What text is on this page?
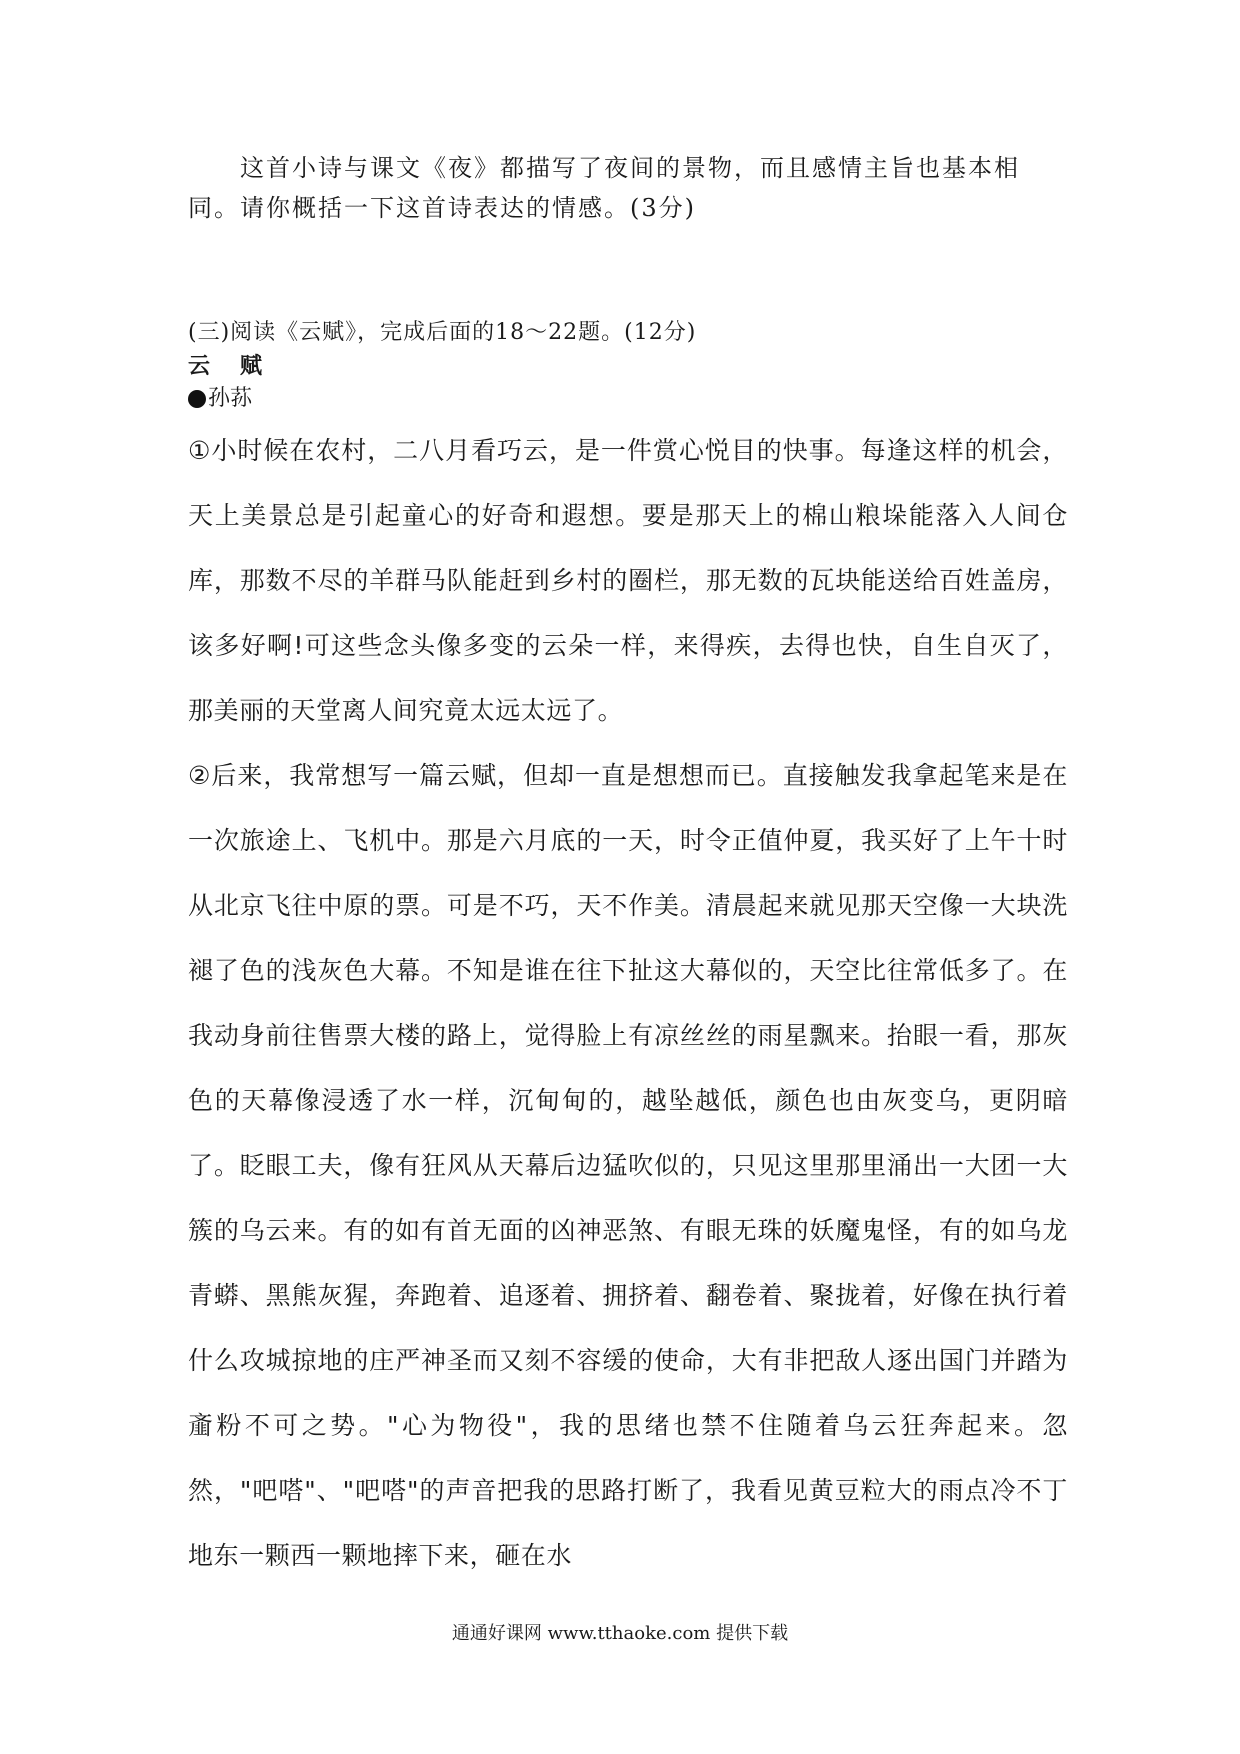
这首小诗与课文《夜》都描写了夜间的景物，而且感情主旨也基本相同。请你概括一下这首诗表达的情感。(3分)

(三)阅读《云赋》，完成后面的18～22题。(12分)

云赋

孙荪

①小时候在农村，二八月看巧云，是一件赏心悦目的快事。每逢这样的机会，天上美景总是引起童心的好奇和遐想。要是那天上的棉山粮垛能落入人间仓库，那数不尽的羊群马队能赶到乡村的圈栏，那无数的瓦块能送给百姓盖房，该多好啊!可这些念头像多变的云朵一样，来得疾，去得也快，自生自灭了，那美丽的天堂离人间究竟太远太远了。

②后来，我常想写一篇云赋，但却一直是想想而已。直接触发我拿起笔来是在一次旅途上、飞机中。那是六月底的一天，时令正值仲夏，我买好了上午十时从北京飞往中原的票。可是不巧，天不作美。清晨起来就见那天空像一大块洗褪了色的浅灰色大幕。不知是谁在往下扯这大幕似的，天空比往常低多了。在我动身前往售票大楼的路上，觉得脸上有凉丝丝的雨星飘来。抬眼一看，那灰色的天幕像浸透了水一样，沉甸甸的，越坠越低，颜色也由灰变乌，更阴暗了。眨眼工夫，像有狂风从天幕后边猛吹似的，只见这里那里涌出一大团一大簇的乌云来。有的如有首无面的凶神恶煞、有眼无珠的妖魔鬼怪，有的如乌龙青蟒、黑熊灰猩，奔跑着、追逐着、拥挤着、翻卷着、聚拢着，好像在执行着什么攻城掠地的庄严神圣而又刻不容缓的使命，大有非把敌人逐出国门并踏为齑粉不可之势。"心为物役"，我的思绪也禁不住随着乌云狂奔起来。忽然，"吧嗒"、"吧嗒"的声音把我的思路打断了，我看见黄豆粒大的雨点冷不丁地东一颗西一颗地摔下来，砸在水

通通好课网 www.tthaoke.com 提供下载
